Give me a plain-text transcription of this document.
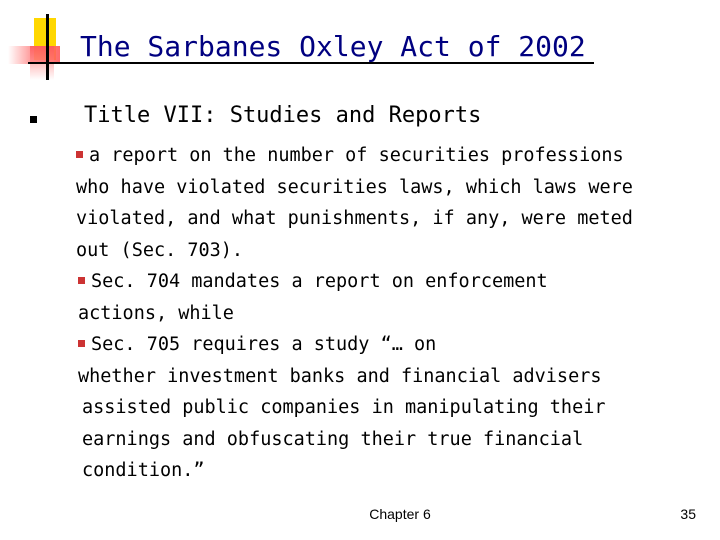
The Sarbanes Oxley Act of 2002
Title VII: Studies and Reports
a report on the number of securities professions
who have violated securities laws, which laws were
violated, and what punishments, if any, were meted
out (Sec. 703).
Sec. 704 mandates a report on enforcement
actions, while
Sec. 705 requires a study “… on
whether investment banks and financial advisers
assisted public companies in manipulating their
earnings and obfuscating their true financial
condition.”
Chapter 6	35
